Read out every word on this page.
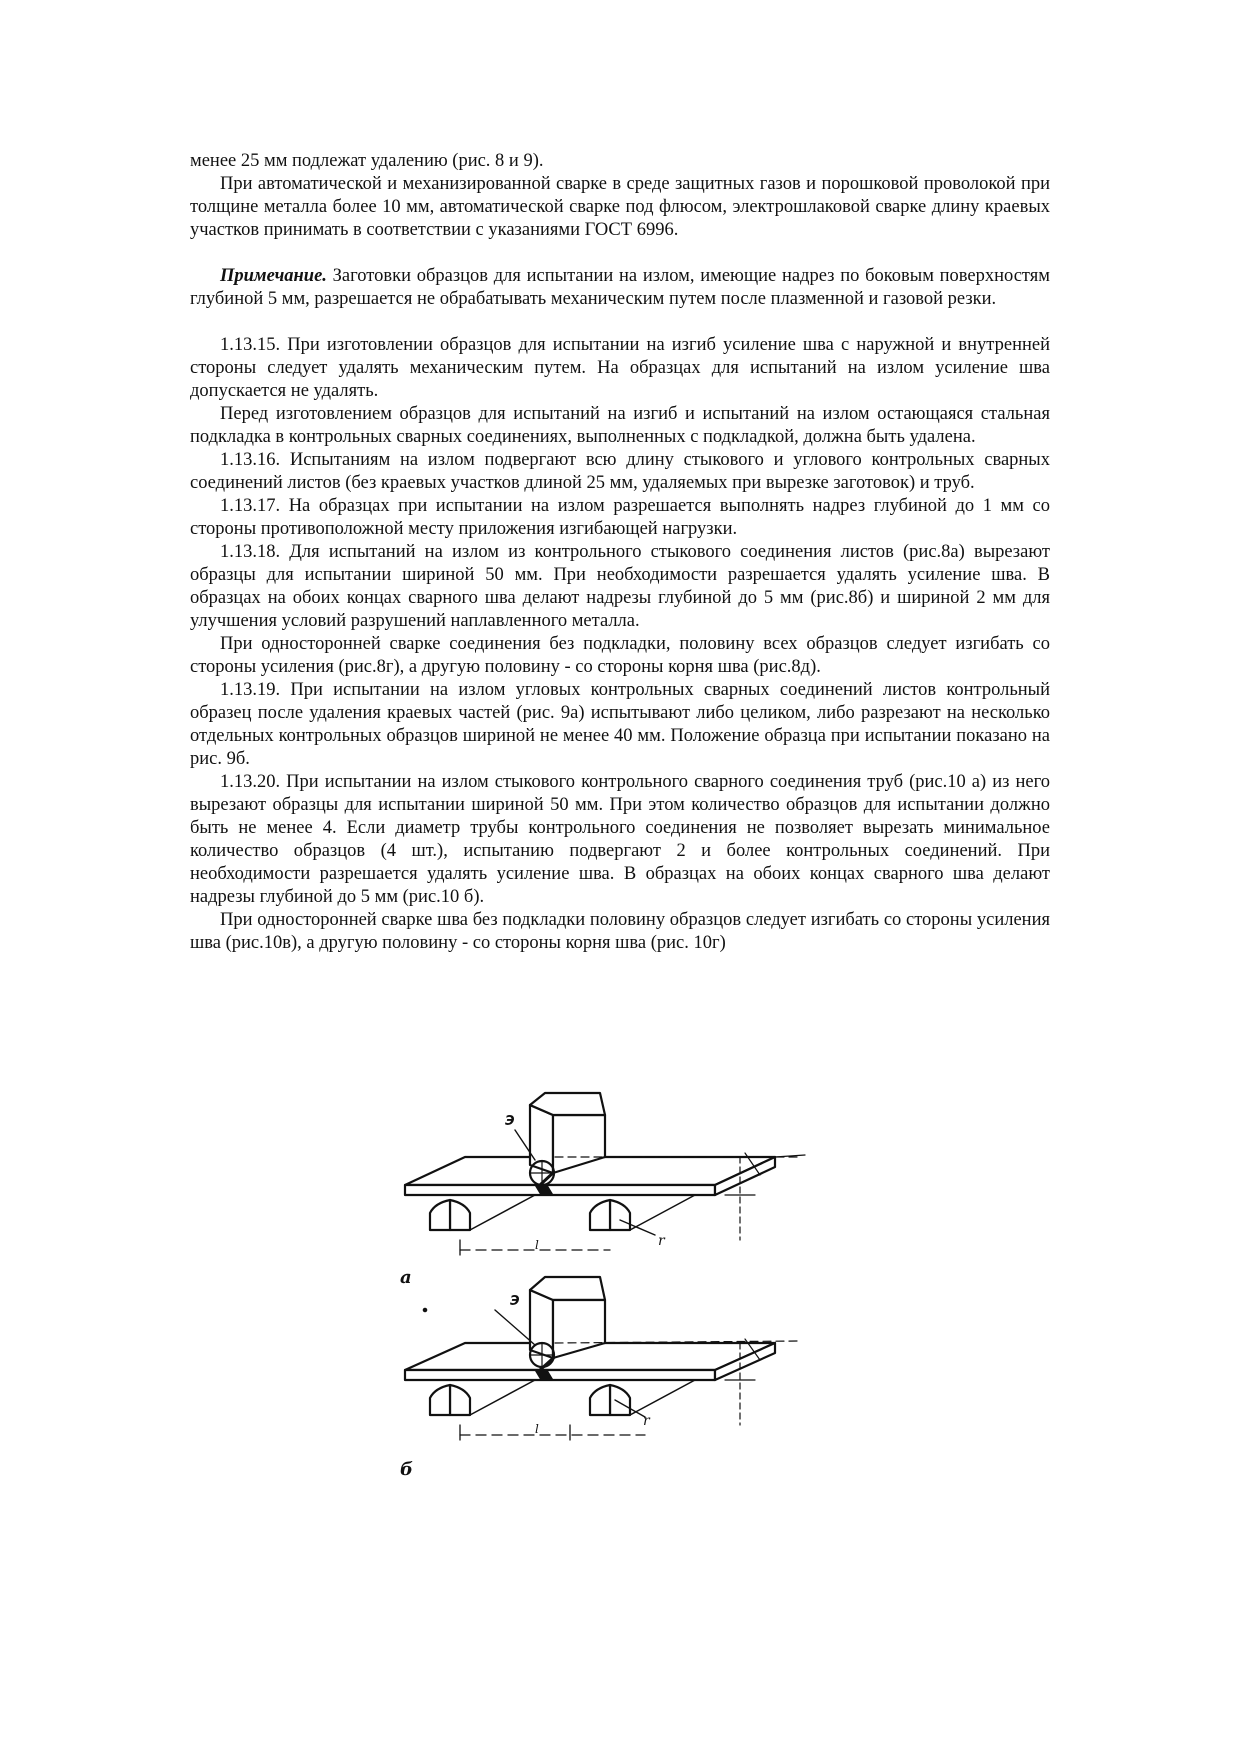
менее 25 мм подлежат удалению (рис. 8 и 9).

При автоматической и механизированной сварке в среде защитных газов и порошковой проволокой при толщине металла более 10 мм, автоматической сварке под флюсом, электрошлаковой сварке длину краевых участков принимать в соответствии с указаниями ГОСТ 6996.

Примечание. Заготовки образцов для испытании на излом, имеющие надрез по боковым поверхностям глубиной 5 мм, разрешается не обрабатывать механическим путем после плазменной и газовой резки.

1.13.15. При изготовлении образцов для испытании на изгиб усиление шва с наружной и внутренней стороны следует удалять механическим путем. На образцах для испытаний на излом усиление шва допускается не удалять.

Перед изготовлением образцов для испытаний на изгиб и испытаний на излом остающаяся стальная подкладка в контрольных сварных соединениях, выполненных с подкладкой, должна быть удалена.

1.13.16. Испытаниям на излом подвергают всю длину стыкового и углового контрольных сварных соединений листов (без краевых участков длиной 25 мм, удаляемых при вырезке заготовок) и труб.

1.13.17. На образцах при испытании на излом разрешается выполнять надрез глубиной до 1 мм со стороны противоположной месту приложения изгибающей нагрузки.

1.13.18. Для испытаний на излом из контрольного стыкового соединения листов (рис.8а) вырезают образцы для испытании шириной 50 мм. При необходимости разрешается удалять усиление шва. В образцах на обоих концах сварного шва делают надрезы глубиной до 5 мм (рис.8б) и шириной 2 мм для улучшения условий разрушений наплавленного металла.

При односторонней сварке соединения без подкладки, половину всех образцов следует изгибать со стороны усиления (рис.8г), а другую половину - со стороны корня шва (рис.8д).

1.13.19. При испытании на излом угловых контрольных сварных соединений листов контрольный образец после удаления краевых частей (рис. 9а) испытывают либо целиком, либо разрезают на несколько отдельных контрольных образцов шириной не менее 40 мм. Положение образца при испытании показано на рис. 9б.

1.13.20. При испытании на излом стыкового контрольного сварного соединения труб (рис.10 а) из него вырезают образцы для испытании шириной 50 мм. При этом количество образцов для испытании должно быть не менее 4. Если диаметр трубы контрольного соединения не позволяет вырезать минимальное количество образцов (4 шт.), испытанию подвергают 2 и более контрольных соединений. При необходимости разрешается удалять усиление шва. В образцах на обоих концах сварного шва делают надрезы глубиной до 5 мм (рис.10 б).

При односторонней сварке шва без подкладки половину образцов следует изгибать со стороны усиления шва (рис.10в), а другую половину - со стороны корня шва (рис. 10г)

Э
r
l
а
Э
r
l
б
